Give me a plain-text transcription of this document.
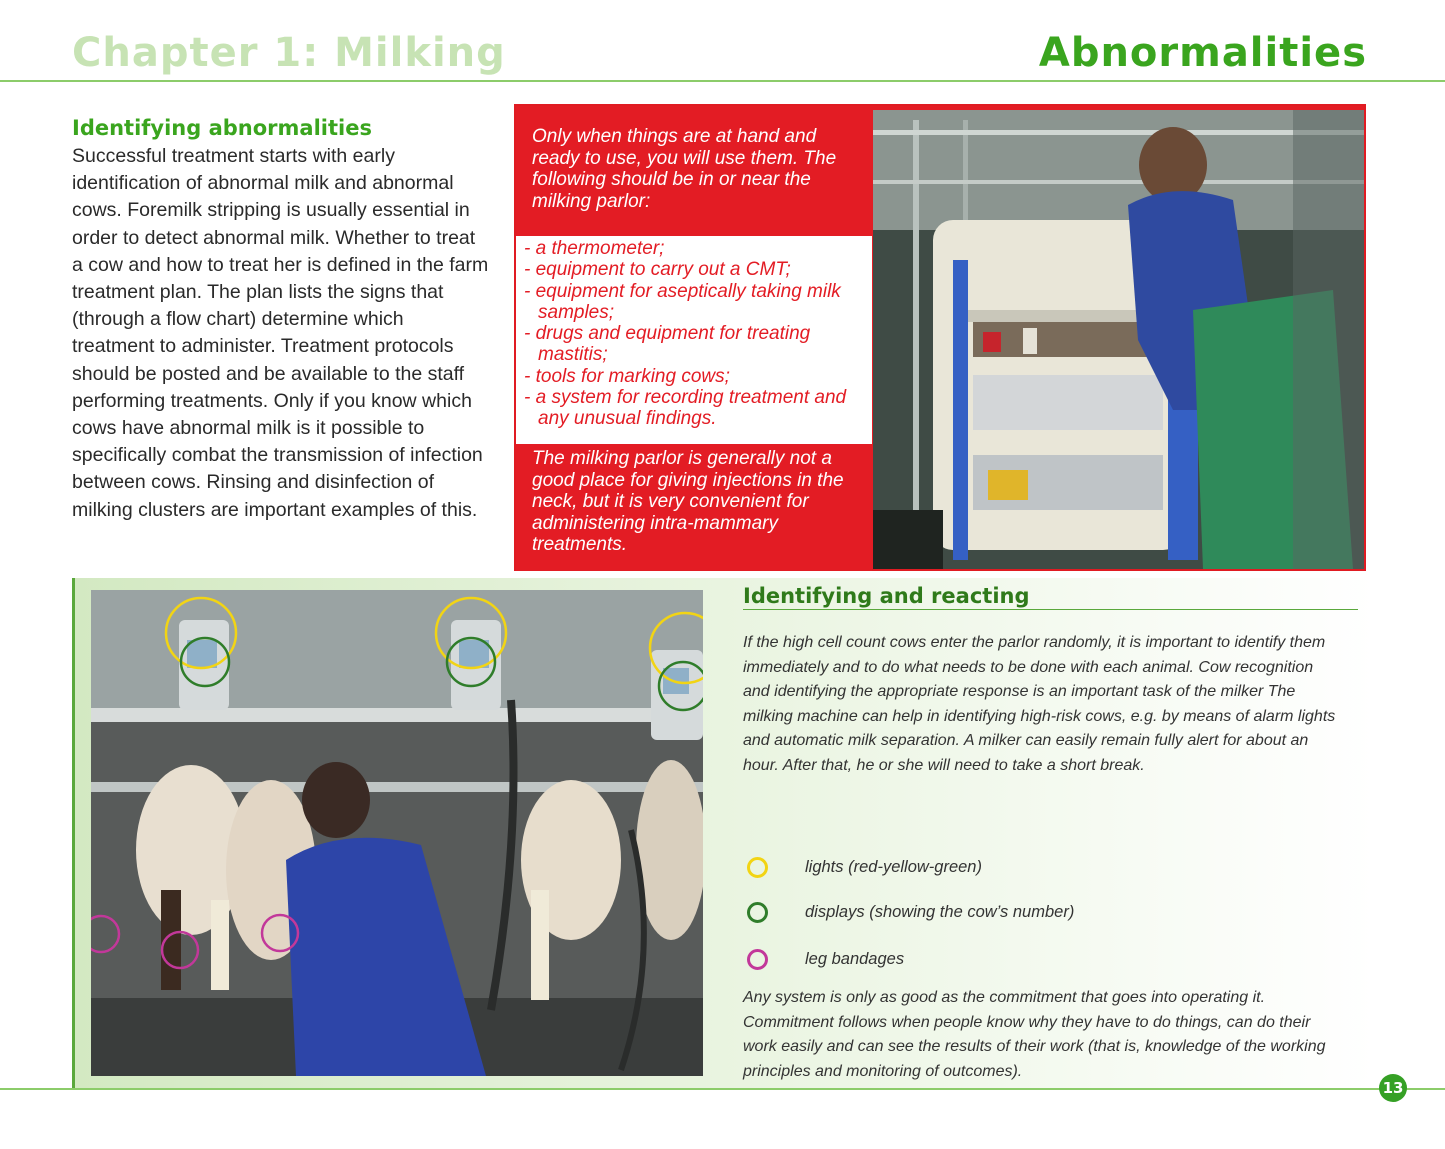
Chapter 1: Milking	Abnormalities
Identifying abnormalities
Successful treatment starts with early identification of abnormal milk and abnormal cows. Foremilk stripping is usually essential in order to detect abnormal milk. Whether to treat a cow and how to treat her is defined in the farm treatment plan. The plan lists the signs that (through a flow chart) determine which treatment to administer. Treatment protocols should be posted and be available to the staff performing treatments. Only if you know which cows have abnormal milk is it possible to specifically combat the transmission of infection between cows. Rinsing and disinfection of milking clusters are important examples of this.
Only when things are at hand and ready to use, you will use them. The following should be in or near the milking parlor:
- a thermometer;
- equipment to carry out a CMT;
- equipment for aseptically taking milk samples;
- drugs and equipment for treating mastitis;
- tools for marking cows;
- a system for recording treatment and any unusual findings.
The milking parlor is generally not a good place for giving injections in the neck, but it is very convenient for administering intra-mammary treatments.
Identifying and reacting
If the high cell count cows enter the parlor randomly, it is important to identify them immediately and to do what needs to be done with each animal. Cow recognition and identifying the appropriate response is an important task of the milker The milking machine can help in identifying high-risk cows, e.g. by means of alarm lights and automatic milk separation. A milker can easily remain fully alert for about an hour. After that, he or she will need to take a short break.
lights (red-yellow-green)
displays (showing the cow’s number)
leg bandages
Any system is only as good as the commitment that goes into operating it. Commitment follows when people know why they have to do things, can do their work easily and can see the results of their work (that is, knowledge of the working principles and monitoring of outcomes).
13
